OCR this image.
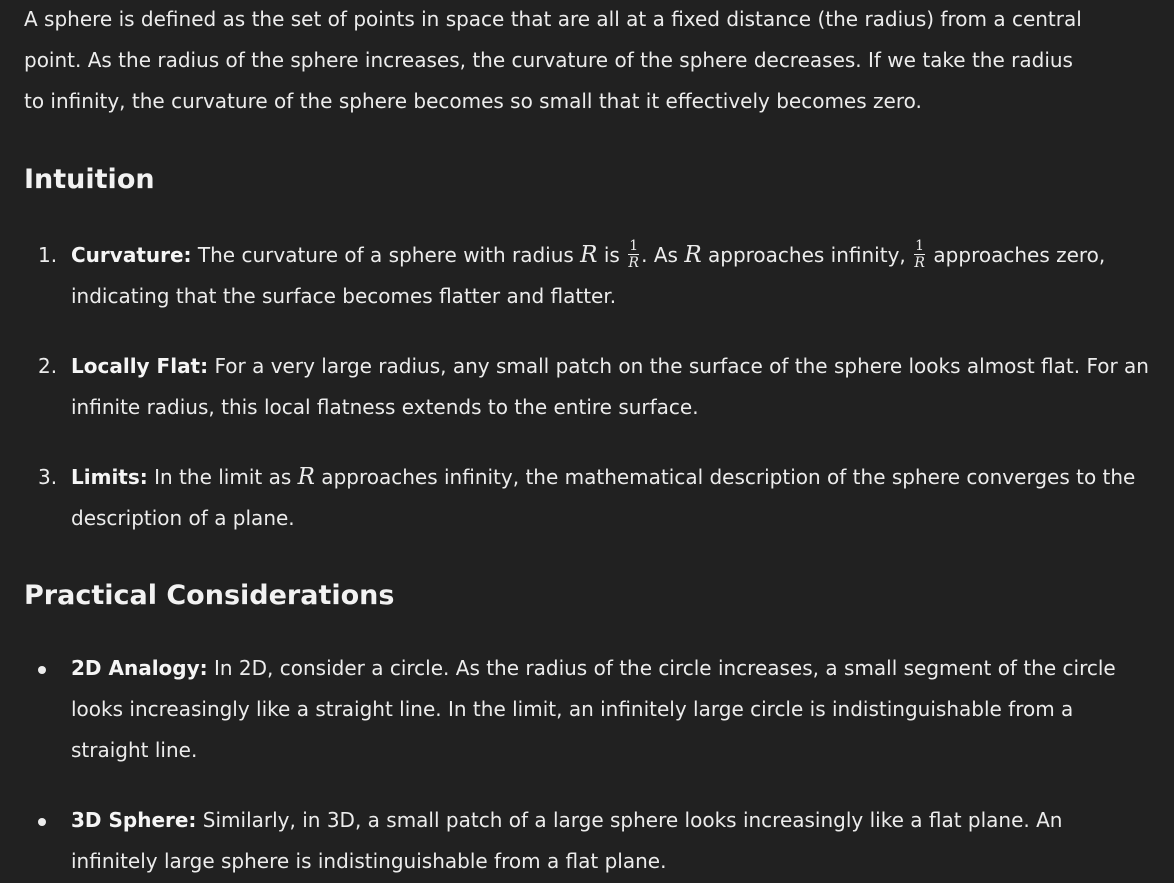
A sphere is defined as the set of points in space that are all at a fixed distance (the radius) from a central point. As the radius of the sphere increases, the curvature of the sphere decreases. If we take the radius to infinity, the curvature of the sphere becomes so small that it effectively becomes zero.

Intuition
1. Curvature: The curvature of a sphere with radius R is $\frac{1}{R}$ . As R approaches infinity, $\frac{1}{R}$ approaches zero, indicating that the surface becomes flatter and flatter.
2. Locally Flat: For a very large radius, any small patch on the surface of the sphere looks almost flat. For an infinite radius, this local flatness extends to the entire surface.
3. Limits: In the limit as R approaches infinity, the mathematical description of the sphere converges to the description of a plane.
Practical Considerations
2D Analogy: In 2D, consider a circle. As the radius of the circle increases, a small segment of the circle looks increasingly like a straight line. In the limit, an infinitely large circle is indistinguishable from a straight line.
3D Sphere: Similarly, in 3D, a small patch of a large sphere looks increasingly like a flat plane. An infinitely large sphere is indistinguishable from a flat plane.
